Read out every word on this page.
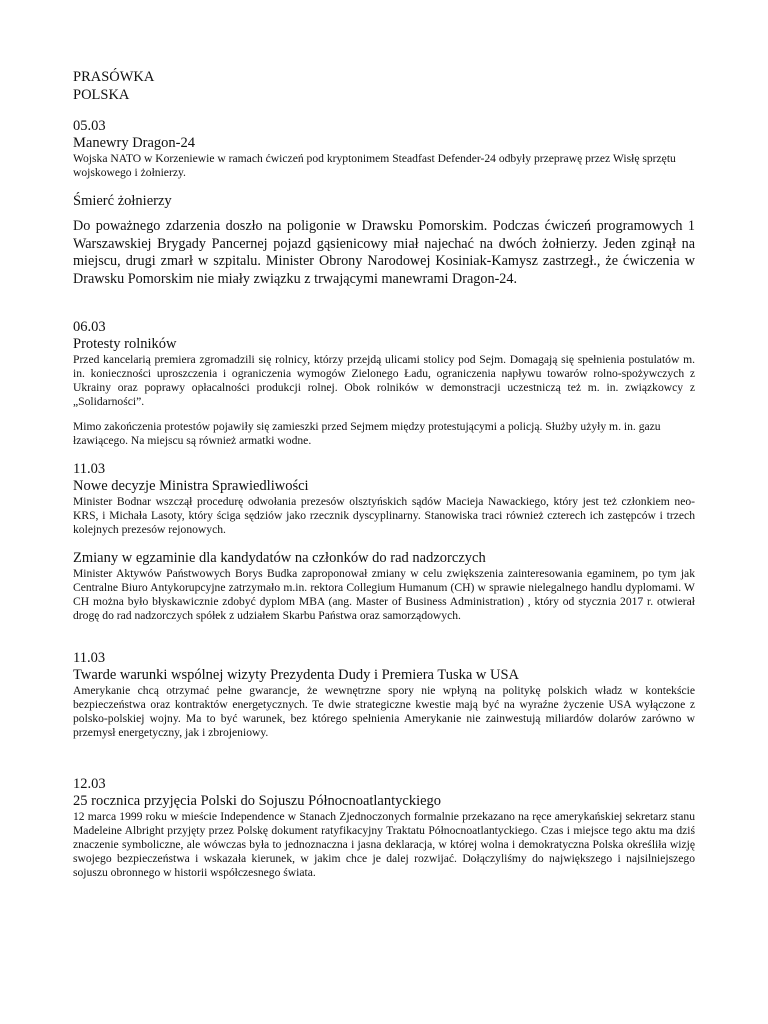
PRASÓWKA
POLSKA
05.03
Manewry Dragon-24

Wojska NATO w Korzeniewie w ramach ćwiczeń pod kryptonimem Steadfast Defender-24 odbyły przeprawę przez Wisłę sprzętu wojskowego i żołnierzy.

Śmierć żołnierzy

Do poważnego zdarzenia doszło na poligonie w Drawsku Pomorskim. Podczas ćwiczeń programowych 1 Warszawskiej Brygady Pancernej pojazd gąsienicowy miał najechać na dwóch żołnierzy. Jeden zginął na miejscu, drugi zmarł w szpitalu. Minister Obrony Narodowej Kosiniak-Kamysz zastrzegł., że ćwiczenia w Drawsku Pomorskim nie miały związku z trwającymi manewrami Dragon-24.

06.03
Protesty rolników

Przed kancelarią premiera zgromadzili się rolnicy, którzy przejdą ulicami stolicy pod Sejm. Domagają się spełnienia postulatów m. in. konieczności uproszczenia i ograniczenia wymogów Zielonego Ładu, ograniczenia napływu towarów rolno-spożywczych z Ukrainy oraz poprawy opłacalności produkcji rolnej. Obok rolników w demonstracji uczestniczą też m. in. związkowcy z „Solidarności”.

Mimo zakończenia protestów pojawiły się zamieszki przed Sejmem między protestującymi a policją. Służby użyły m. in. gazu łzawiącego. Na miejscu są również armatki wodne.

11.03
Nowe decyzje Ministra Sprawiedliwości

Minister Bodnar wszczął procedurę odwołania prezesów olsztyńskich sądów Macieja Nawackiego, który jest też członkiem neo-KRS, i Michała Lasoty, który ściga sędziów jako rzecznik dyscyplinarny. Stanowiska traci również czterech ich zastępców i trzech kolejnych prezesów rejonowych.

Zmiany w egzaminie dla kandydatów na członków do rad nadzorczych

Minister Aktywów Państwowych Borys Budka zaproponował zmiany w celu zwiększenia zainteresowania egaminem, po tym jak Centralne Biuro Antykorupcyjne zatrzymało m.in. rektora Collegium Humanum (CH) w sprawie nielegalnego handlu dyplomami. W CH można było błyskawicznie zdobyć dyplom MBA (ang. Master of Business Administration) , który od stycznia 2017 r. otwierał drogę do rad nadzorczych spółek z udziałem Skarbu Państwa oraz samorządowych.

11.03
Twarde warunki wspólnej wizyty Prezydenta Dudy i Premiera Tuska w USA

Amerykanie chcą otrzymać pełne gwarancje, że wewnętrzne spory nie wpłyną na politykę polskich władz w kontekście bezpieczeństwa oraz kontraktów energetycznych. Te dwie strategiczne kwestie mają być na wyraźne życzenie USA wyłączone z polsko-polskiej wojny. Ma to być warunek, bez którego spełnienia Amerykanie nie zainwestują miliardów dolarów zarówno w przemysł energetyczny, jak i zbrojeniowy.

12.03
25 rocznica przyjęcia Polski do Sojuszu Północnoatlantyckiego

12 marca 1999 roku w mieście Independence w Stanach Zjednoczonych formalnie przekazano na ręce amerykańskiej sekretarz stanu Madeleine Albright przyjęty przez Polskę dokument ratyfikacyjny Traktatu Północnoatlantyckiego. Czas i miejsce tego aktu ma dziś znaczenie symboliczne, ale wówczas była to jednoznaczna i jasna deklaracja, w której wolna i demokratyczna Polska określiła wizję swojego bezpieczeństwa i wskazała kierunek, w jakim chce je dalej rozwijać. Dołączyliśmy do największego i najsilniejszego sojuszu obronnego w historii współczesnego świata.
